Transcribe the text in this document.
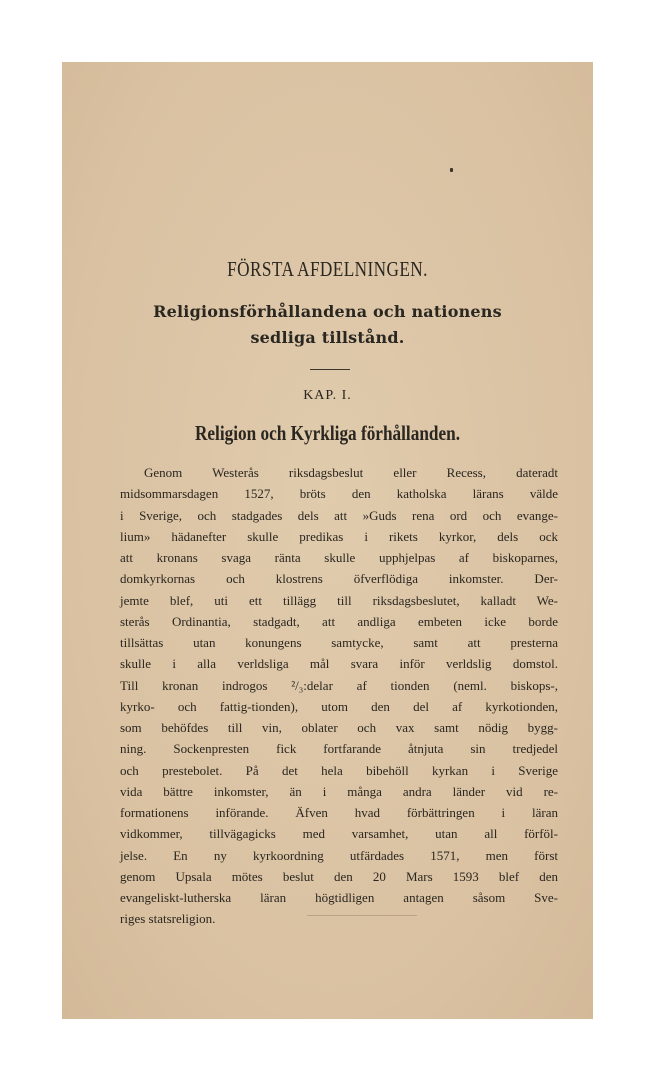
FÖRSTA AFDELNINGEN.
Religionsförhållandena och nationens
sedliga tillstånd.
KAP. I.
Religion och Kyrkliga förhållanden.
Genom Westerås riksdagsbeslut eller Recess, dateradt
midsommarsdagen 1527, bröts den katholska lärans välde
i Sverige, och stadgades dels att »Guds rena ord och evange-
lium» hädanefter skulle predikas i rikets kyrkor, dels ock
att kronans svaga ränta skulle upphjelpas af biskoparnes,
domkyrkornas och klostrens öfverflödiga inkomster. Der-
jemte blef, uti ett tillägg till riksdagsbeslutet, kalladt We-
sterås Ordinantia, stadgadt, att andliga embeten icke borde
tillsättas utan konungens samtycke, samt att presterna
skulle i alla verldsliga mål svara inför verldslig domstol.
Till kronan indrogos ²/₃:delar af tionden (neml. biskops-,
kyrko- och fattig-tionden), utom den del af kyrkotionden,
som behöfdes till vin, oblater och vax samt nödig bygg-
ning. Sockenpresten fick fortfarande åtnjuta sin tredjedel
och prestebolet. På det hela bibehöll kyrkan i Sverige
vida bättre inkomster, än i många andra länder vid re-
formationens införande. Äfven hvad förbättringen i läran
vidkommer, tillvägagicks med varsamhet, utan all förföl-
jelse. En ny kyrkoordning utfärdades 1571, men först
genom Upsala mötes beslut den 20 Mars 1593 blef den
evangeliskt-lutherska läran högtidligen antagen såsom Sve-
riges statsreligion.
